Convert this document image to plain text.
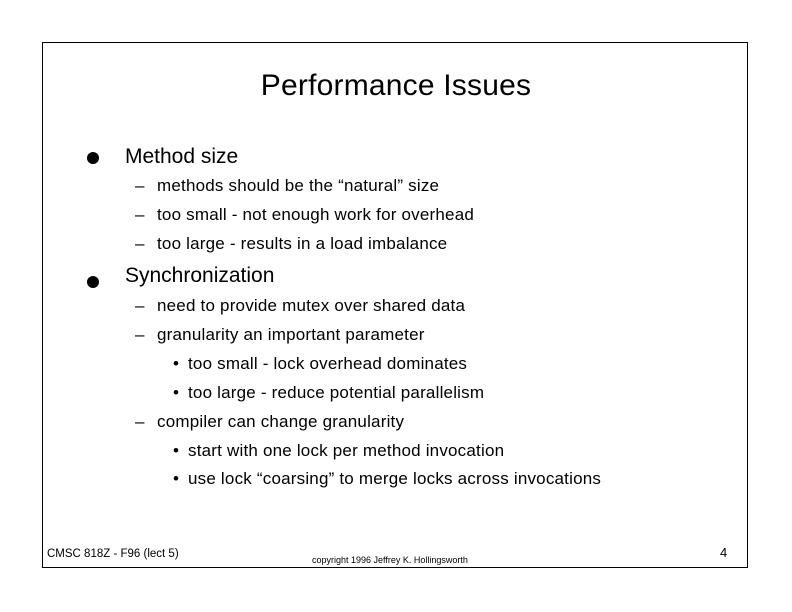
Performance Issues
Method size
– methods should be the “natural” size
– too small - not enough work for overhead
– too large - results in a load imbalance
Synchronization
– need to provide mutex over shared data
– granularity an important parameter
• too small - lock overhead dominates
• too large - reduce potential parallelism
– compiler can change granularity
• start with one lock per method invocation
• use lock “coarsing” to merge locks across invocations
CMSC 818Z - F96 (lect 5)	copyright 1996 Jeffrey K. Hollingsworth	4
